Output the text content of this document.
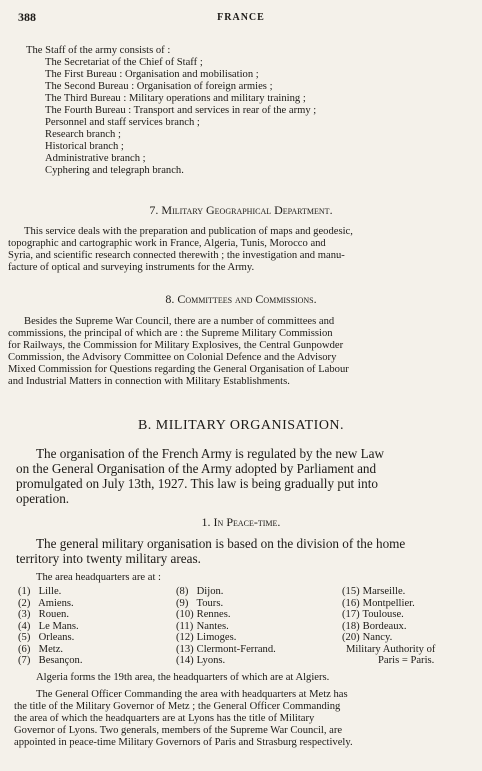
388	FRANCE
The Staff of the army consists of :
The Secretariat of the Chief of Staff ;
The First Bureau : Organisation and mobilisation ;
The Second Bureau : Organisation of foreign armies ;
The Third Bureau : Military operations and military training ;
The Fourth Bureau : Transport and services in rear of the army ;
Personnel and staff services branch ;
Research branch ;
Historical branch ;
Administrative branch ;
Cyphering and telegraph branch.
7. Military Geographical Department.
This service deals with the preparation and publication of maps and geodesic,
topographic and cartographic work in France, Algeria, Tunis, Morocco and
Syria, and scientific research connected therewith ; the investigation and manu-
facture of optical and surveying instruments for the Army.
8. Committees and Commissions.
Besides the Supreme War Council, there are a number of committees and
commissions, the principal of which are : the Supreme Military Commission
for Railways, the Commission for Military Explosives, the Central Gunpowder
Commission, the Advisory Committee on Colonial Defence and the Advisory
Mixed Commission for Questions regarding the General Organisation of Labour
and Industrial Matters in connection with Military Establishments.
B. MILITARY ORGANISATION.
The organisation of the French Army is regulated by the new Law
on the General Organisation of the Army adopted by Parliament and
promulgated on July 13th, 1927. This law is being gradually put into
operation.
1. In Peace-time.
The general military organisation is based on the division of the home
territory into twenty military areas.
The area headquarters are at :
(1) Lille.
(2) Amiens.
(3) Rouen.
(4) Le Mans.
(5) Orleans.
(6) Metz.
(7) Besançon.
(8) Dijon.
(9) Tours.
(10) Rennes.
(11) Nantes.
(12) Limoges.
(13) Clermont-Ferrand.
(14) Lyons.
(15) Marseille.
(16) Montpellier.
(17) Toulouse.
(18) Bordeaux.
(20) Nancy.
Military Authority of
Paris = Paris.
Algeria forms the 19th area, the headquarters of which are at Algiers.
The General Officer Commanding the area with headquarters at Metz has
the title of the Military Governor of Metz ; the General Officer Commanding
the area of which the headquarters are at Lyons has the title of Military
Governor of Lyons. Two generals, members of the Supreme War Council, are
appointed in peace-time Military Governors of Paris and Strasburg respectively.
